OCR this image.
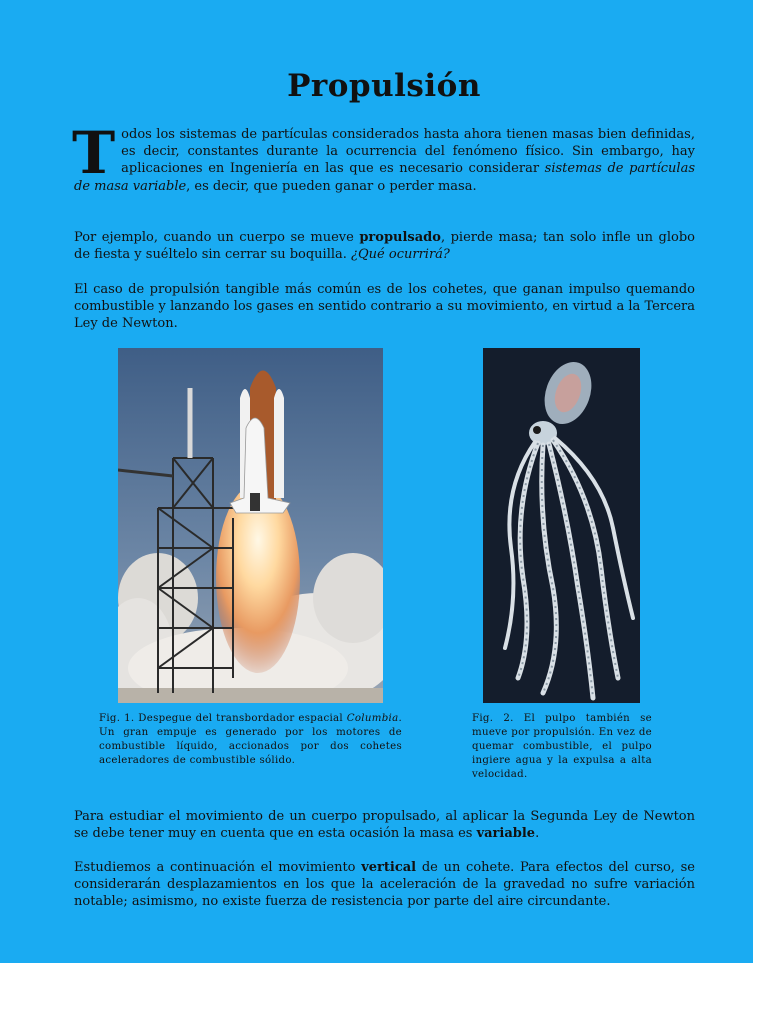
Propulsión

Todos los sistemas de partículas considerados hasta ahora tienen masas bien definidas, es decir, constantes durante la ocurrencia del fenómeno físico. Sin embargo, hay aplicaciones en Ingeniería en las que es necesario considerar sistemas de partículas de masa variable, es decir, que pueden ganar o perder masa.

Por ejemplo, cuando un cuerpo se mueve propulsado, pierde masa; tan solo infle un globo de fiesta y suéltelo sin cerrar su boquilla. ¿Qué ocurrirá?

El caso de propulsión tangible más común es de los cohetes, que ganan impulso quemando combustible y lanzando los gases en sentido contrario a su movimiento, en virtud a la Tercera Ley de Newton.

Fig. 1. Despegue del transbordador espacial Columbia. Un gran empuje es generado por los motores de combustible líquido, accionados por dos cohetes aceleradores de combustible sólido.

Fig. 2. El pulpo también se mueve por propulsión. En vez de quemar combustible, el pulpo ingiere agua y la expulsa a alta velocidad.

Para estudiar el movimiento de un cuerpo propulsado, al aplicar la Segunda Ley de Newton se debe tener muy en cuenta que en esta ocasión la masa es variable.

Estudiemos a continuación el movimiento vertical de un cohete. Para efectos del curso, se considerarán desplazamientos en los que la aceleración de la gravedad no sufre variación notable; asimismo, no existe fuerza de resistencia por parte del aire circundante.
